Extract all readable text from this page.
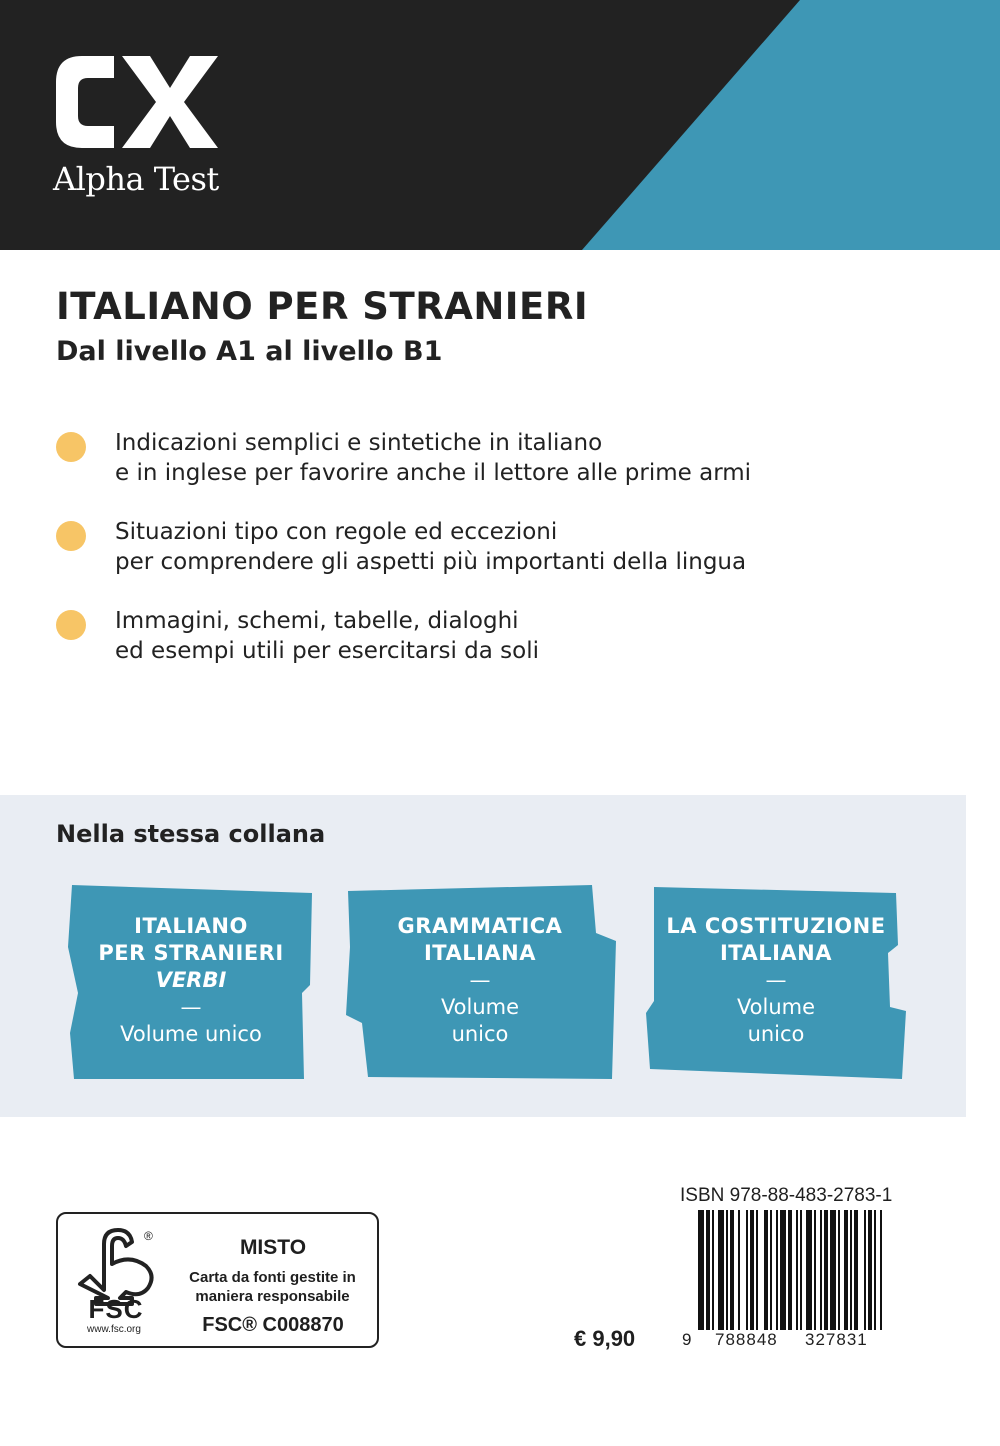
Alpha Test
ITALIANO PER STRANIERI
Dal livello A1 al livello B1
Indicazioni semplici e sintetiche in italiano
e in inglese per favorire anche il lettore alle prime armi
Situazioni tipo con regole ed eccezioni
per comprendere gli aspetti più importanti della lingua
Immagini, schemi, tabelle, dialoghi
ed esempi utili per esercitarsi da soli
Nella stessa collana
ITALIANO
PER STRANIERI
VERBI
—
Volume unico
GRAMMATICA
ITALIANA
—
Volume
unico
LA COSTITUZIONE
ITALIANA
—
Volume
unico
®
FSC
www.fsc.org
MISTO
Carta da fonti gestite in
maniera responsabile
FSC® C008870
€ 9,90
ISBN 978-88-483-2783-1
9 788848 327831
